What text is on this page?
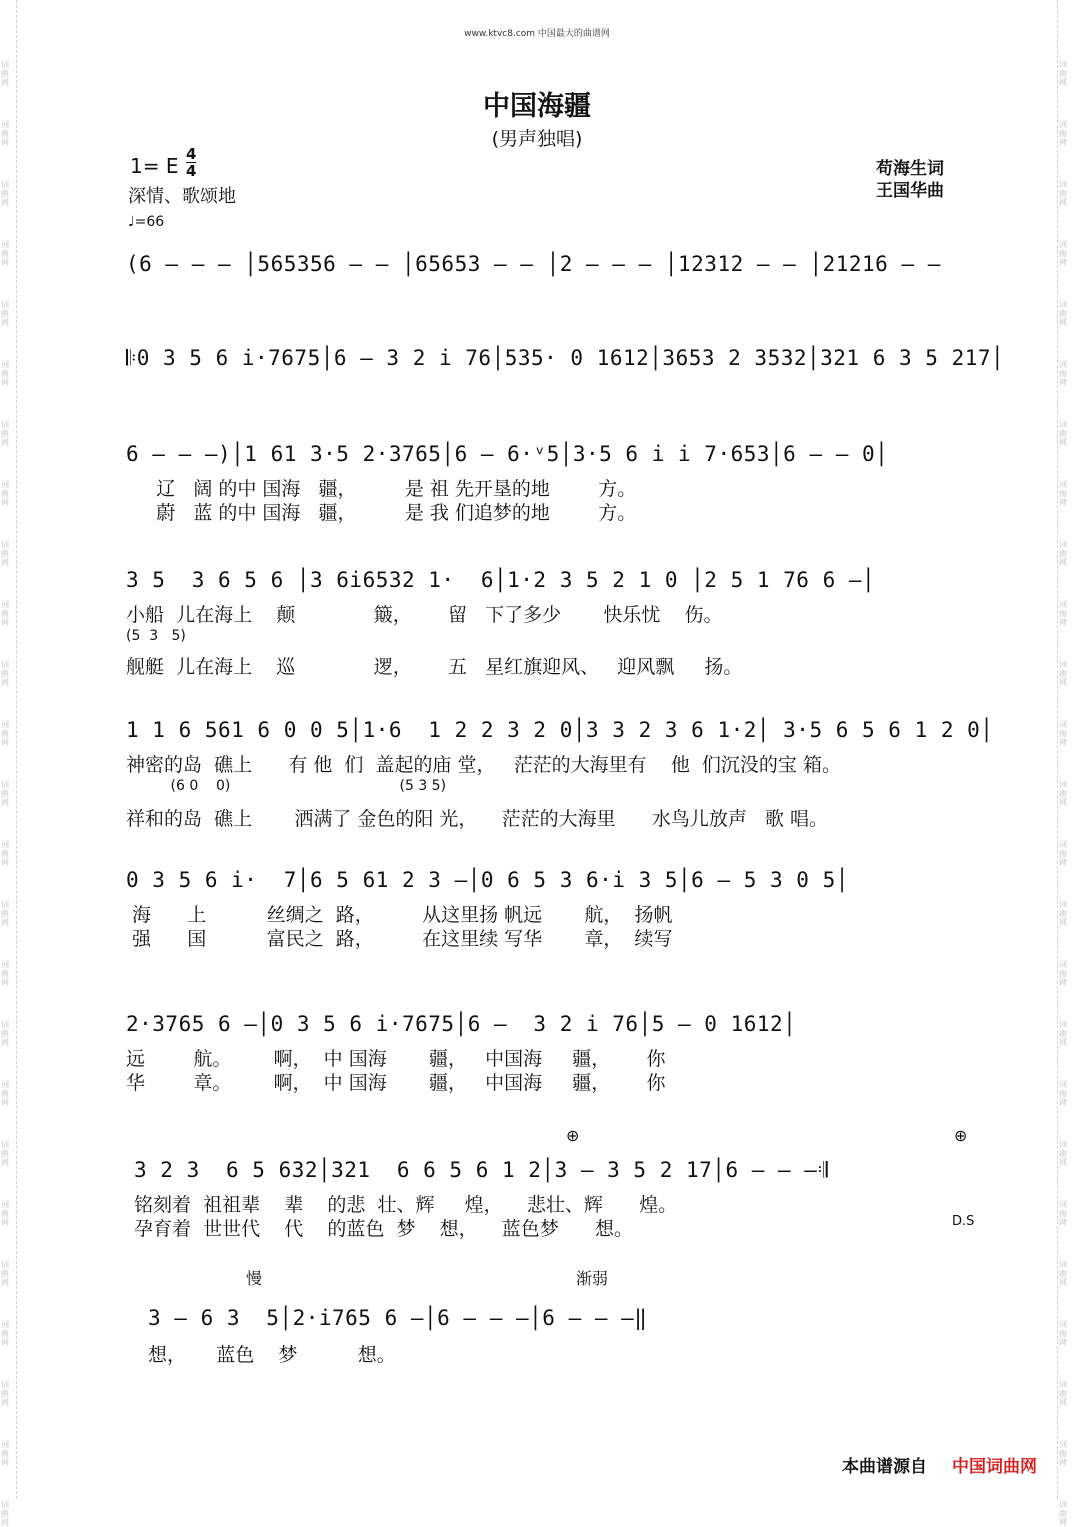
词曲网
词曲网
词曲网
词曲网
词曲网
词曲网
词曲网
词曲网
词曲网
词曲网
词曲网
词曲网
词曲网
词曲网
词曲网
词曲网
词曲网
词曲网
词曲网
词曲网
词曲网
词曲网
词曲网
词曲网
词曲网
词曲网
词曲网
词曲网
词曲网
词曲网
词曲网
词曲网
词曲网
词曲网
词曲网
词曲网
词曲网
词曲网
词曲网
词曲网
词曲网
词曲网
词曲网
词曲网
词曲网
词曲网
词曲网
词曲网
词曲网
词曲网
www.ktvc8.com 中国最大的曲谱网
中国海疆
(男声独唱)
1= E 4
4
深情、歌颂地
♩=66
苟海生词
王国华曲
(6 — — — │565356 — — │65653 — — │2 — — — │12312 — — │21216 — —
𝄆0 3 5 6 i·7675│6 — 3 2 i 76│535· 0 1612│3653 2 3532│321 6 3 5 217│
6 — — —)│1 61 3·5 2·3765│6 — 6·ᵛ5│3·5 6 i i 7·653│6 — — 0│
辽   阔 的中 国海   疆，        是 祖 先开垦的地        方。
蔚   蓝 的中 国海   疆，        是 我 们追梦的地        方。
3 5  3 6 5 6 │3 6i6532 1·  6│1·2 3 5 2 1 0 │2 5 1 76 6 —│
小船  儿在海上    颠             簸，      留   下了多少       快乐忧    伤。
(5  3   5)
舰艇  儿在海上    巡             逻，      五   星红旗迎风、   迎风飘     扬。
1 1 6 561 6 0 0 5│1·6  1 2 2 3 2 0│3 3 2 3 6 1·2│ 3·5 6 5 6 1 2 0│
神密的岛  礁上      有 他  们  盖起的庙 堂，   茫茫的大海里有    他  们沉没的宝 箱。
(6 0    0)                                      (5 3 5)
祥和的岛  礁上       洒满了 金色的阳 光，    茫茫的大海里      水鸟儿放声   歌 唱。
0 3 5 6 i·  7│6 5 61 2 3 —│0 6 5 3 6·i 3 5│6 — 5 3 0 5│
海      上          丝绸之  路，        从这里扬 帆远       航，  扬帆
强      国          富民之  路，        在这里续 写华       章，  续写
2·3765 6 —│0 3 5 6 i·7675│6 —  3 2 i 76│5 — 0 1612│
远        航。       啊，  中 国海       疆，   中国海     疆，      你
华        章。       啊，  中 国海       疆，   中国海     疆，      你
3 2 3  6 5 632│321  6 6 5 6 1 2│3 — 3 5 2 17│6 — — —𝄇
铭刻着  祖祖辈    辈    的悲  壮、辉     煌，    悲壮、辉      煌。
孕育着  世世代    代    的蓝色  梦    想，    蓝色梦      想。	D.S
⊕	⊕
慢	渐弱
3 — 6 3  5│2·i765 6 —│6 — — —│6 — — —‖
想，     蓝色    梦          想。
本曲谱源自 中国词曲网
